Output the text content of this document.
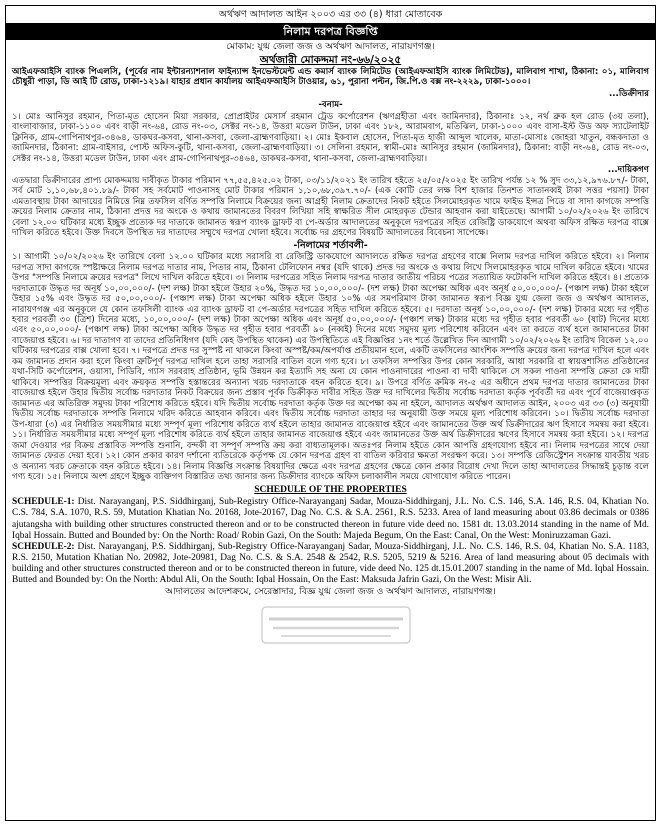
অর্থঋণ আদালত আইন ২০০৩ এর ৩৩ (৪) ধারা মোতাবেক
নিলাম দরপত্র বিজ্ঞপ্তি
মোকাম: যুগ্ম জেলা জজ ও অর্থঋণ আদালত, নারায়ণগঞ্জ।
অর্থজারী মোকদ্দমা নং-৬৬/২০২৫

আইএফআইসি ব্যাংক পিএলসি, (পূর্বের নাম ইন্টারন্যাশনাল ফাইন্যান্স ইনভেস্টমেন্ট এন্ড কমার্স ব্যাংক লিমিটেড (আইএফআইসি ব্যাংক লিমিটেড), মালিবাগ শাখা, ঠিকানা: ০১, মালিবাগ চৌধুরী পাড়া, ডি আই টি রোড, ঢাকা-১২১৯। যাহার প্রধান কার্যালয় আইএফআইসি টাওয়ার, ৬১, পুরানা পল্টন, জি.পি.ও বক্স নং-২২২৯, ঢাকা-১০০০।

...ডিক্রীদার
-বনাম-

১। মোঃ আনিসুর রহমান, পিতা-মৃত হোসেন মিয়া সরকার, প্রোপ্রাইটর মেসার্স রহমান ট্রেড কর্পোরেশন (ঋণগ্রহীতা এবং জামিনদার), ঠিকানাঃ ১২, নর্থ ব্রুক হল রোড (৩য় তলা), বাংলাবাজার, ঢাকা-১১০০ এবং বাড়ী নং-৬৪, রোড নং-০৩, সেক্টর নং-১৪, উত্তরা মডেল টাউন, ঢাকা এবং ১৮২, আরামবাগ, মতিঝিল, ঢাকা-১০০০ এবং বাসা-ইস্ট উড অফ স্যাটেলাইট ক্লিনিক, গ্রাম-গোপিনাথপুর-৩৪৬৪, ডাকঘর-কসবা, থানা-কসবা, জেলা-ব্রাহ্মণবাড়িয়া। ২। মোঃ ইকবাল হোসেন, পিতা-মৃত হাজী আব্দুল খালেক, মাতা-মোসাঃ জোহরা খাতুন, বন্ধকদাতা ও জামিনদার, ঠিকানা: গ্রাম-বাইসার, পোস্ট অফিস-কুটি, থানা-কসবা, জেলা-ব্রাহ্মণবাড়িয়া। ৩। সেলিনা রহমান, স্বামী-মোঃ আনিসুর রহমান (জামিনদার), ঠিকানা: বাড়ী নং-৬৪, রোড নং-০৩, সেক্টর নং-১৪, উত্তরা মডেল টাউন, ঢাকা এবং গ্রাম-গোপিনাথপুর-৩৪৬৪, ডাকঘর-কসবা, থানা-কসবা, জেলা-ব্রাহ্মণবাড়িয়া।

...দায়িকগণ

এতদ্বারা ডিক্রীদারের প্রাপ্য মোকদ্দমায় দাবীকৃত টাকার পরিমান ৭৭,৫৫,৪২৫.০২ টাকা, ০৩/১১/২০২১ ইং তারিখ হইতে ২৫/০৫/২০২৫ ইং তারিখ পর্যন্ত ১২ % সুদ ৩৩,১২,৯৭৬.৮৭/- টাকা, সর্ব মোট ১,১০,৬৮,৪০১.৮৯/- টাকা সহ সর্বমোট পাওনাসহ মোট টাকার পরিমান ১,১০,৬৮,৩৯৭.৭০/- (এক কোটি তের লক্ষ বিশ হাজার তিনশত সাতানব্বই টাকা সত্তর পয়সা) টাকা এমতাবস্থায় টাকা আদায়ের নিমিত্তে নিম্ন তফসিল বর্ণিত সম্পত্তি নিলামে বিক্রয়ের জন্য আগ্রহী নিলাম ক্রেতাদের নিকট হইতে সিলমোহরকৃত খামে ফাইভ ইন্সত্র পিডে বা সাদা কাগজে সম্পত্তি ক্রয়ের নিলাম ক্রেতার নাম, ঠিকানা প্রদত্ত দর অংকে ও কথায় জামানতের বিবরণ লিখিয়া সহি স্বাক্ষরিত সীল মোহরকৃত টেন্ডার আহবান করা যাইতেছে। আগামী ১০/০২/২০২৬ ইং তারিখে বেলা ১২.০০ ঘটিকার মধ্যে ইচ্ছুক প্রত্যেক দর দাতাকে জামানত স্বরূপ ব্যাংক ড্রাফট বা পে-অর্ডার আদালতের অনুকূলে দরপত্রের সহিত রেজিষ্ট্রি ডাকযোগে অথবা অফিস রক্ষিত দরপত্র বাক্সে দাখিল করিতে হইবে। উক্ত দিবসে উপস্থিত দর দাতাদের সম্মুখে দরপত্র খোলা হইবে। সর্বোচ্চ দর গ্রহণের বিষয়টি আদালতের বিবেচনা সাপেক্ষে।

-নিলামের শর্তাবলী-

১। আগামী ১০/০২/২০২৬ ইং তারিখে বেলা ১২.০০ ঘটিকার মধ্যে সরাসরি বা রেজিস্ট্রি ডাকযোগে আদালতে রক্ষিত দরপত্র গ্রহণের বাক্সে নিলাম দরপত্র দাখিল করিতে হইবে। ২। নিলাম দরপত্র সাদা কাগজে স্পষ্টাক্ষরে নিলাম দরপত্র দাতার নাম, পিতার নাম, ঠিকানা টেলিফোন নম্বর (যদি থাকে) প্রদত্ত দর অংকে ও কথায় লিখে সিলমোহরকৃত খামে দাখিল করিতে হইবে। খামের উপর "সম্পত্তি নিলামে ক্রয়ের দরপত্র" লিখে দাখিল করিতে হইবে। ৩। নিলাম দরপত্রের সহিত নিলাম দরপত্র দাতার জাতীয় পরিচয় পত্রের সত্যায়িত ফটোকপি দাখিল করিতে হইবে। ৪। প্রত্যেক দরদাতাকে উদ্ধৃত দর অনূর্ধ ১০,০০,০০০/- (দশ লক্ষ) টাকা হইলে উহার ২০%, উদ্ধৃত দর ১০,০০,০০০/- (দশ লক্ষ) টাকা অপেক্ষা অধিক এবং অনূর্ধ ৫০,০০,০০০/- (পঞ্চাশ লক্ষ) টাকা হইলে উহার ১৫% এবং উদ্ধৃত দর ৫০,০০,০০০/- (পঞ্চাশ লক্ষ) টাকা অপেক্ষা অধিক হইলে উহার ১০% এর সমপরিমাণ টাকা জামানত স্বরূপ বিজ্ঞ যুগ্ম জেলা জজ ও অর্থঋণ আদালত, নারায়ণগঞ্জ এর অনুকূলে যে কোন তফসিলী ব্যাংক এর ব্যাংক ড্রাফট বা পে-অর্ডার দরপত্রের সহিত দাখিল করিতে হইবে। ৫। দরদাতা অনূর্ধ ১০,০০,০০০/- (দশ লক্ষ) টাকার মধ্যে দর গৃহীত হবার পরবর্তী ৩০ (ত্রিশ) দিনের মধ্যে, ১০,০০,০০০/- (দশ লক্ষ) টাকা অপেক্ষা অধিক এবং অনূর্ধ ৫০,০০,০০০/- (পঞ্চাশ লক্ষ) টাকার মধ্যে দর গৃহীত হবার পরবর্তী ৬০ (ষাট) দিনের মধ্যে এবং ৫০,০০,০০০/- (পঞ্চাশ লক্ষ) টাকা অপেক্ষা অধিক উদ্ধৃত দর গৃহীত হবার পরবর্তী ৯০ (নব্বই) দিনের মধ্যে সমুদয় মূল্য পরিশোধ করিবেন এবং তা করতে ব্যর্থ হলে জামানতের টাকা বাজেয়াপ্ত হইবে। ৬। দর দাতাগণ বা তাদের প্রতিনিধিগণ (যদি কেহ উপস্থিত থাকেন) এর উপস্থিতিতে এই বিজ্ঞপ্তির ১নং শর্তে উল্লেখিত দিন আগামী ১০/০২/২০২৬ ইং তারিখ বিকেল ১২.০০ ঘটিকায় দরপত্রের বাক্স খোলা হবে। ৭। দরপত্রে প্রদত্ত দর সুস্পষ্ট না থাকলে কিংবা অস্পষ্ট/কম/অপর্যাপ্ত প্রতীয়মান হলে, একটি তফসিলের আংশিক সম্পত্তি ক্রয়ের জন্য দরপত্র দাখিল হলে এবং কম জামানত প্রদান করা হলে কিংবা ত্রুটিপূর্ণ দরপত্র দাখিল হলে তাহা সরাসরি বাতিল বলে গণ্য হবে। ৮। তফসিল সম্পত্তির উপর কোন সরকারি, আধা সরকারি বা স্বায়ত্তশাসিত প্রতিষ্ঠানের যথা-সিটি কর্পোরেশন, ওয়াসা, পিডিবি, গ্যাস সরবরাহ প্রতিষ্ঠান, ভূমি উন্নয়ন কর ইত্যাদি সহ অন্য যে কোন পাওনাদারের পাওনা বা দাবী থাকিলে সে সকল পাওনা সম্পত্তি ক্রেতা কে দায়ী থাকিবে। সম্পত্তির বিক্রয়মূল্য এবং ক্রয়কৃত সম্পত্তি হস্তান্তরের অন্যান্য খরচ দরদাতাকে বহন করিতে হবে। ৯। উপরে বর্ণিত ক্রমিক নং-৫ এর অধীনে প্রথম দরপত্র দাতার জামানতের টাকা বাজেয়াপ্ত হইলে উহার দ্বিতীয় সর্বোচ্চ দরদাতার নিকট বিক্রয়ের জন্য প্রস্তাব পূর্বক ডিক্রীকৃত দাবীর সহিত উক্ত দর দাখিলের দ্বিতীয় সর্বোচ্চ দরদাতা কর্তৃক পূর্ববর্তী দর এবং পূর্বে বাজেয়াপ্তকৃত জামানত এর অতিরিক্ত সমুদয় টাকা পরিশোধ করিতে হইবে। যদি দ্বিতীয় সর্বোচ্চ দরদাতা কর্তৃক উক্ত দর অপেক্ষা কম না হইলে, আদালত অর্থঋণ আদালত আইন, ২০০৩ এর ৩৩ (৩) অনুযায়ী দ্বিতীয় সর্বোচ্চ দরদাতাকে সম্পত্তি নিলামে খরিদ করিতে আহবান করিবে। এবং দ্বিতীয় সর্বোচ্চ দরদাতা তাহার দর অনুযায়ী উক্ত সময়ে মূল্য পরিশোধ করিবেন। ১০। দ্বিতীয় সর্বোচ্চ দরদাতা উপ-ধারা (৩) এর নির্ধারিত সময়সীমার মধ্যে সম্পূর্ণ মূল্য পরিশোধ করিতে ব্যর্থ হইলে তাহার জামানত বাজেয়াপ্ত হইবে এবং জামানতের উক্ত অর্থ ডিক্রীদারের ঋণ হিসাবে সমন্বয় করা হইবে। ১১। নির্ধারিত সময়সীমার মধ্যে সম্পূর্ণ মূল্য পরিশোধ করিতে ব্যর্থ হইলে তাহার জামানত বাজেয়াপ্ত হইবে এবং জামানতের উক্ত অর্থ ডিক্রীদারের ঋণের হিসাবে সমন্বয় করা হইবে। ১২। দরপত্র জমা দেওয়ার পর বিক্রয় প্রস্তাবিত সম্পত্তি শুনানি, বন্দকী বা সম্পূর্ণ সম্পত্তি ক্রয় করা বাধ্যতামূলক। অতঃপর নিলাম হইতে কোন আপত্তি গ্রহণযোগ্য হইবে না। নিলাম দরপত্রের সাথে দেয়া জামানত ফেরত দেয়া হবে। ১২। কোন প্রকার কারণ দর্শানো ব্যতিরেকে কর্তৃপক্ষ যে কোন দরপত্র গ্রহণ বা বাতিল করিবার ক্ষমতা সংরক্ষণ করে। ১৩। সম্পত্তি রেজিস্ট্রেশন সংক্রান্ত যাবতীয় খরচ ও অন্যান্য খরচ ক্রেতাকে বহন করিতে হইবে। ১৪। নিলাম বিজ্ঞপ্তি সংক্রান্ত বিষয়াদির ক্ষেত্রে এবং দরপত্র গ্রহণের ক্ষেত্রে কোন প্রকার বিরোধ দেখা দিলে তাহা আদালতের সিদ্ধান্তই চূড়ান্ত বলে গণ্য হবে। ১৫। নিলামে অংশ গ্রহণে ইচ্ছুক ব্যক্তিগণ বিস্তারিত তথ্য জানার জন্য ডিক্রীদার ব্যাংকে অফিস চলাকালীন সময়ে যোগাযোগ করিতে পারেন।

SCHEDULE OF THE PROPERTIES
SCHEDULE-1: Dist. Narayanganj, P.S. Siddhirganj, Sub-Registry Office-Narayanganj Sadar, Mouza-Siddhirganj, J.L. No. C.S. 146, S.A. 146, R.S. 04, Khatian No. C.S. 784, S.A. 1070, R.S. 59, Mutation Khatian No. 20168, Jote-20167, Dag No. C.S. & S.A. 2561, R.S. 5233. Area of land measuring about 03.86 decimals or 0386 ajutangsha with building other structures constructed thereon and or to be constructed thereon in future vide deed no. 1581 dt. 13.03.2014 standing in the name of Md. Iqbal Hossain. Butted and Bounded by: On the North: Road/ Robin Gazi, On the South: Majeda Begum, On the East: Canal, On the West: Moniruzzaman Gazi.
SCHEDULE-2: Dist. Narayanganj, P.S. Siddhirganj, Sub-Registry Office-Narayanganj Sadar, Mouza-Siddhirganj, J.L. No. C.S. 146, R.S. 04, Khatian No. S.A. 1183, R.S. 2150, Mutation Khatian No. 20982, Jote-20981, Dag No. C.S. & S.A. 2548 & 2542, R.S. 5205, 5219 & 5216. Area of land measuring about 05 decimals with building and other structures constructed thereon and or to be constructed thereon in future, vide deed No. 125 dt.15.01.2007 standing in the name of Md. Iqbal Hossain. Butted and Bounded by: On the North: Abdul Ali, On the South: Iqbal Hossain, On the East: Maksuda Jafrin Gazi, On the West: Misir Ali.
আদালতের আদেশক্রমে, সেরেস্তাদার, বিজ্ঞ যুগ্ম জেলা জজ ও অর্থঋণ আদালত, নারায়ণগঞ্জ।
